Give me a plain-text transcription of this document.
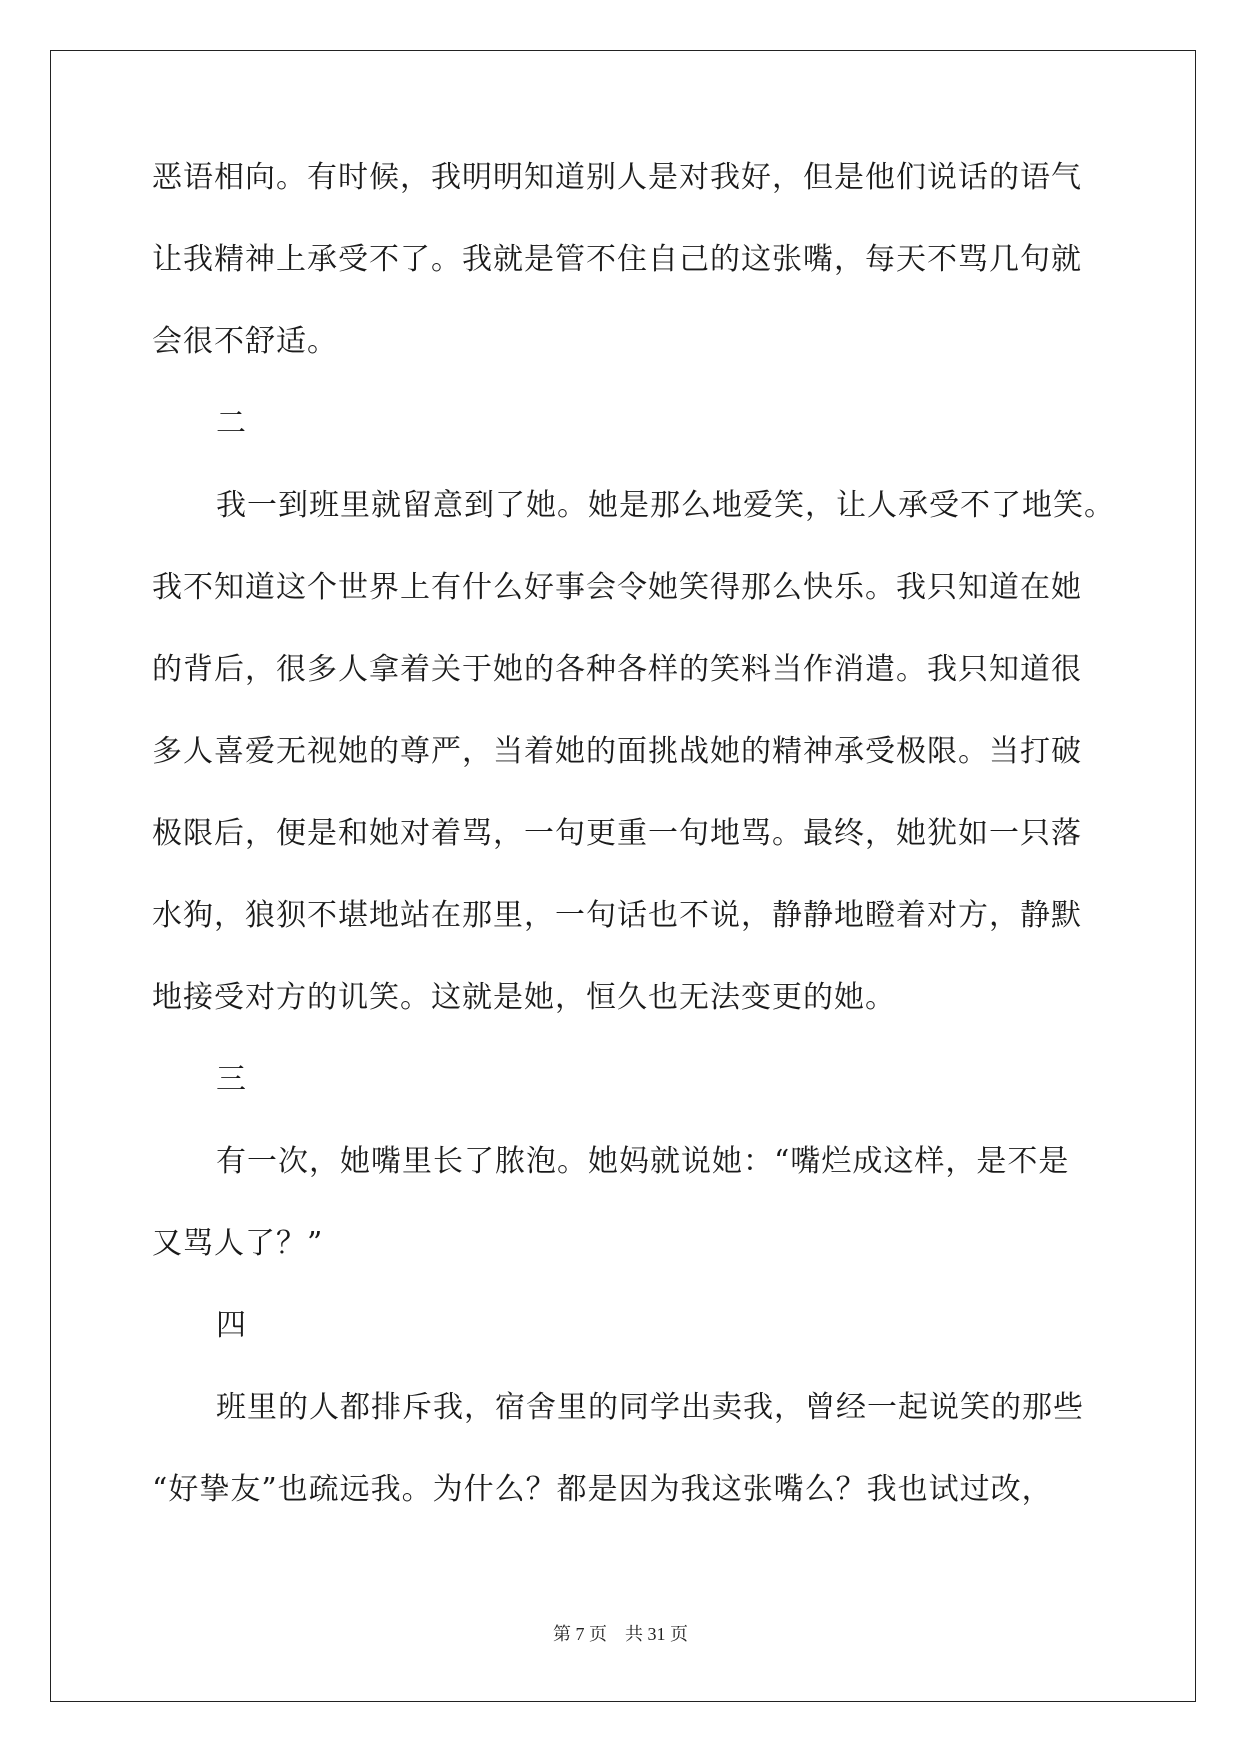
恶语相向。有时候，我明明知道别人是对我好，但是他们说话的语气

让我精神上承受不了。我就是管不住自己的这张嘴，每天不骂几句就

会很不舒适。

二

我一到班里就留意到了她。她是那么地爱笑，让人承受不了地笑。

我不知道这个世界上有什么好事会令她笑得那么快乐。我只知道在她

的背后，很多人拿着关于她的各种各样的笑料当作消遣。我只知道很

多人喜爱无视她的尊严，当着她的面挑战她的精神承受极限。当打破

极限后，便是和她对着骂，一句更重一句地骂。最终，她犹如一只落

水狗，狼狈不堪地站在那里，一句话也不说，静静地瞪着对方，静默

地接受对方的讥笑。这就是她，恒久也无法变更的她。

三

有一次，她嘴里长了脓泡。她妈就说她：“嘴烂成这样，是不是

又骂人了？”

四

班里的人都排斥我，宿舍里的同学出卖我，曾经一起说笑的那些

“好挚友”也疏远我。为什么？都是因为我这张嘴么？我也试过改，

第 7 页 共 31 页
